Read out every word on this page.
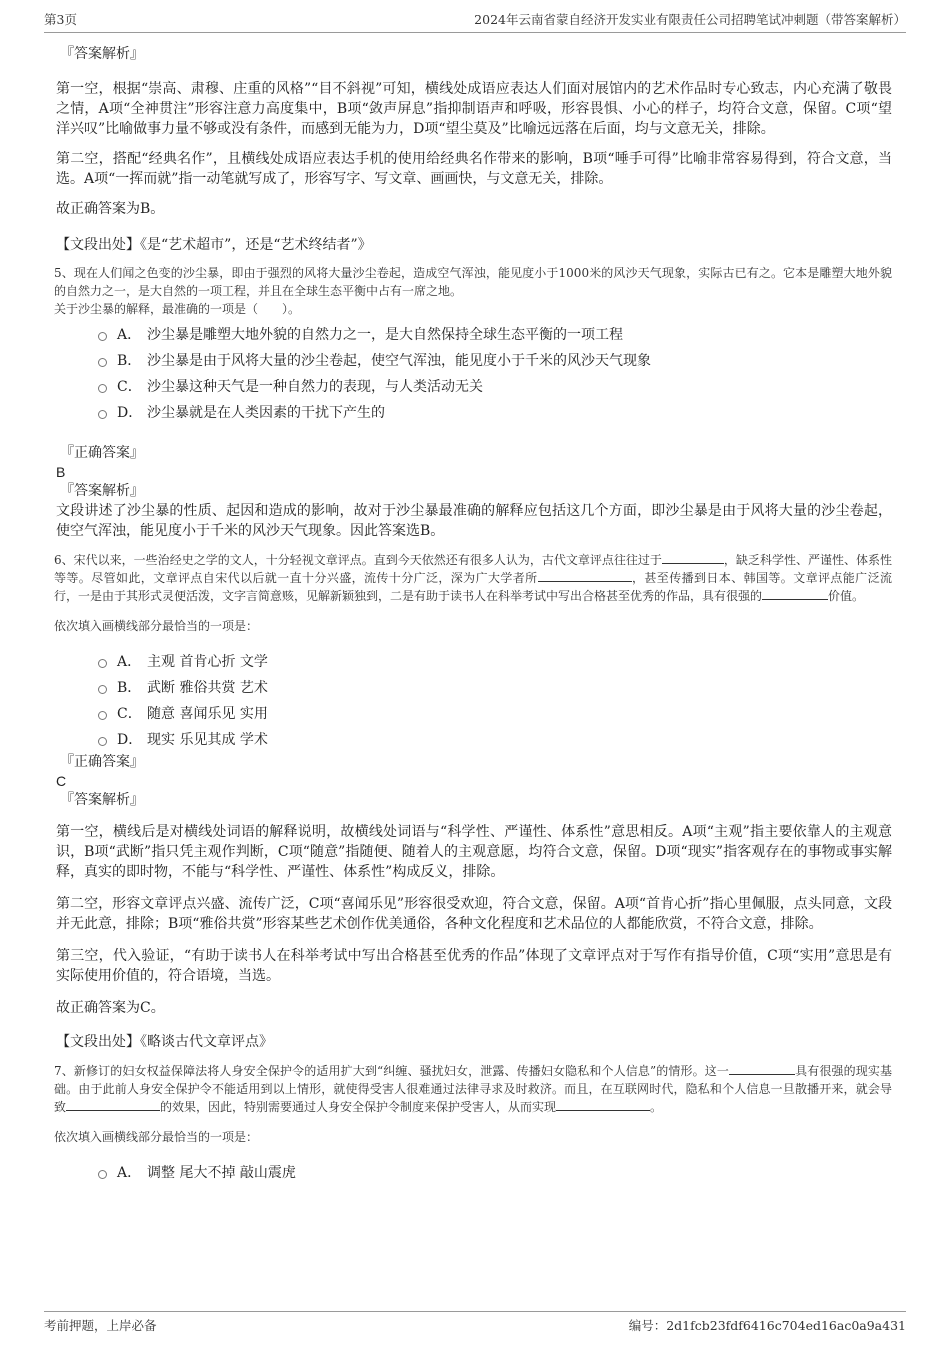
第3页	2024年云南省蒙自经济开发实业有限责任公司招聘笔试冲刺题（带答案解析）
『答案解析』

第一空，根据“崇高、肃穆、庄重的风格”“目不斜视”可知，横线处成语应表达人们面对展馆内的艺术作品时专心致志，内心充满了敬畏之情，A项“全神贯注”形容注意力高度集中，B项“敛声屏息”指抑制语声和呼吸，形容畏惧、小心的样子，均符合文意，保留。C项“望洋兴叹”比喻做事力量不够或没有条件，而感到无能为力，D项“望尘莫及”比喻远远落在后面，均与文意无关，排除。

第二空，搭配“经典名作”，且横线处成语应表达手机的使用给经典名作带来的影响，B项“唾手可得”比喻非常容易得到，符合文意，当选。A项“一挥而就”指一动笔就写成了，形容写字、写文章、画画快，与文意无关，排除。

故正确答案为B。

【文段出处】《是“艺术超市”，还是“艺术终结者”》

5、现在人们闻之色变的沙尘暴，即由于强烈的风将大量沙尘卷起，造成空气浑浊，能见度小于1000米的风沙天气现象，实际古已有之。它本是雕塑大地外貌的自然力之一，是大自然的一项工程，并且在全球生态平衡中占有一席之地。

关于沙尘暴的解释，最准确的一项是（　　）。

A． 沙尘暴是雕塑大地外貌的自然力之一，是大自然保持全球生态平衡的一项工程
B． 沙尘暴是由于风将大量的沙尘卷起，使空气浑浊，能见度小于千米的风沙天气现象
C． 沙尘暴这种天气是一种自然力的表现，与人类活动无关
D． 沙尘暴就是在人类因素的干扰下产生的
『正确答案』
B
『答案解析』

文段讲述了沙尘暴的性质、起因和造成的影响，故对于沙尘暴最准确的解释应包括这几个方面，即沙尘暴是由于风将大量的沙尘卷起，使空气浑浊，能见度小于千米的风沙天气现象。因此答案选B。

6、宋代以来，一些治经史之学的文人，十分轻视文章评点。直到今天依然还有很多人认为，古代文章评点往往过于	，缺乏科学性、严谨性、体系性等等。尽管如此，文章评点自宋代以后就一直十分兴盛，流传十分广泛，深为广大学者所	，甚至传播到日本、韩国等。文章评点能广泛流行，一是由于其形式灵便活泼，文字言简意赅，见解新颖独到，二是有助于读书人在科举考试中写出合格甚至优秀的作品，具有很强的	价值。

依次填入画横线部分最恰当的一项是：

A． 主观 首肯心折 文学
B． 武断 雅俗共赏 艺术
C． 随意 喜闻乐见 实用
D． 现实 乐见其成 学术
『正确答案』
C
『答案解析』

第一空，横线后是对横线处词语的解释说明，故横线处词语与“科学性、严谨性、体系性”意思相反。A项“主观”指主要依靠人的主观意识，B项“武断”指只凭主观作判断，C项“随意”指随便、随着人的主观意愿，均符合文意，保留。D项“现实”指客观存在的事物或事实解释，真实的即时物，不能与“科学性、严谨性、体系性”构成反义，排除。

第二空，形容文章评点兴盛、流传广泛，C项“喜闻乐见”形容很受欢迎，符合文意，保留。A项“首肯心折”指心里佩服，点头同意，文段并无此意，排除；B项“雅俗共赏”形容某些艺术创作优美通俗，各种文化程度和艺术品位的人都能欣赏，不符合文意，排除。

第三空，代入验证，“有助于读书人在科举考试中写出合格甚至优秀的作品”体现了文章评点对于写作有指导价值，C项“实用”意思是有实际使用价值的，符合语境，当选。

故正确答案为C。

【文段出处】《略谈古代文章评点》

7、新修订的妇女权益保障法将人身安全保护令的适用扩大到“纠缠、骚扰妇女，泄露、传播妇女隐私和个人信息”的情形。这一	具有很强的现实基础。由于此前人身安全保护令不能适用到以上情形，就使得受害人很难通过法律寻求及时救济。而且，在互联网时代，隐私和个人信息一旦散播开来，就会导致	的效果，因此，特别需要通过人身安全保护令制度来保护受害人，从而实现	。

依次填入画横线部分最恰当的一项是：

A． 调整 尾大不掉 敲山震虎
考前押题，上岸必备	编号：2d1fcb23fdf6416c704ed16ac0a9a431
